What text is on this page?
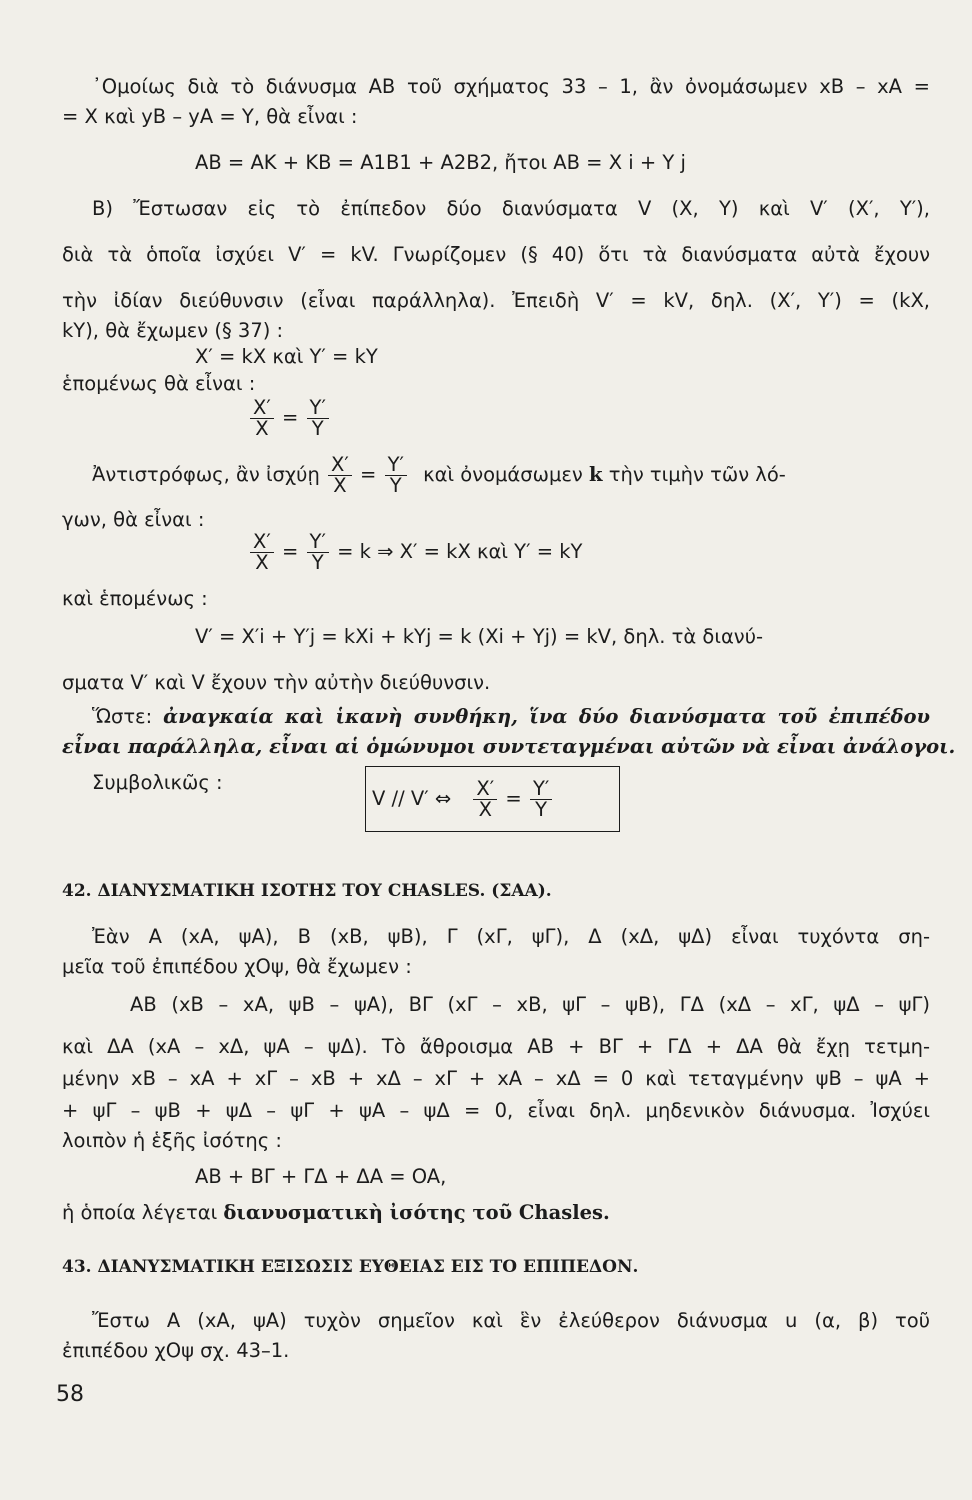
᾿Ομοίως διὰ τὸ διάνυσμα AB τοῦ σχήματος 33 – 1, ἂν ὀνομάσωμεν xB – xA =
= X καὶ yB – yA = Y, θὰ εἶναι :
AB = AK + KB = A1B1 + A2B2, ἤτοι AB = X i + Y j
B) Ἔστωσαν εἰς τὸ ἐπίπεδον δύο διανύσματα V (X, Y) καὶ V′ (X′, Y′),
διὰ τὰ ὁποῖα ἰσχύει V′ = kV. Γνωρίζομεν (§ 40) ὅτι τὰ διανύσματα αὐτὰ ἔχουν
τὴν ἰδίαν διεύθυνσιν (εἶναι παράλληλα). Ἐπειδὴ V′ = kV, δηλ. (X′, Y′) = (kX,
kY), θὰ ἔχωμεν (§ 37) :
X′ = kX καὶ Y′ = kY
ἑπομένως θὰ εἶναι :
$\frac{X'}{X} = \frac{Y'}{Y}$
Ἀντιστρόφως, ἂν ἰσχύῃ $\frac{X'}{X} = \frac{Y'}{Y}$ καὶ ὀνομάσωμεν k τὴν τιμὴν τῶν λό-
γων, θὰ εἶναι :
$\frac{X'}{X} = \frac{Y'}{Y} = k$ ⇒ X′ = kX καὶ Y′ = kY
καὶ ἑπομένως :
V′ = X′i + Y′j = kXi + kYj = k (Xi + Yj) = kV, δηλ. τὰ διανύ-
σματα V′ καὶ V ἔχουν τὴν αὐτὴν διεύθυνσιν.
Ὥστε: ἀναγκαία καὶ ἱκανὴ συνθήκη, ἵνα δύο διανύσματα τοῦ ἐπιπέδου
εἶναι παράλληλα, εἶναι αἱ ὁμώνυμοι συντεταγμέναι αὐτῶν νὰ εἶναι ἀνάλογοι.
Συμβολικῶς :
V // V′ ⇔ $\frac{X'}{X} = \frac{Y'}{Y}$
42. ΔΙΑΝΥΣΜΑΤΙΚΗ ΙΣΟΤΗΣ ΤΟΥ CHASLES. (ΣΑΑ).
Ἐὰν A (xA, ψA), B (xB, ψB), Γ (xΓ, ψΓ), Δ (xΔ, ψΔ) εἶναι τυχόντα ση-
μεῖα τοῦ ἐπιπέδου χΟψ, θὰ ἔχωμεν :
AB (xB – xA, ψB – ψA), BΓ (xΓ – xB, ψΓ – ψB), ΓΔ (xΔ – xΓ, ψΔ – ψΓ)
καὶ ΔA (xA – xΔ, ψA – ψΔ). Τὸ ἄθροισμα AB + BΓ + ΓΔ + ΔA θὰ ἔχῃ τετμη-
μένην xB – xA + xΓ – xB + xΔ – xΓ + xA – xΔ = 0 καὶ τεταγμένην ψB – ψA +
+ ψΓ – ψB + ψΔ – ψΓ + ψA – ψΔ = 0, εἶναι δηλ. μηδενικὸν διάνυσμα. Ἰσχύει
λοιπὸν ἡ ἑξῆς ἰσότης :
AB + BΓ + ΓΔ + ΔA = OA,
ἡ ὁποία λέγεται διανυσματικὴ ἰσότης τοῦ Chasles.
43. ΔΙΑΝΥΣΜΑΤΙΚΗ ΕΞΙΣΩΣΙΣ ΕΥΘΕΙΑΣ ΕΙΣ ΤΟ ΕΠΙΠΕΔΟΝ.
Ἔστω A (xA, ψA) τυχὸν σημεῖον καὶ ἓν ἐλεύθερον διάνυσμα u (α, β) τοῦ
ἐπιπέδου χΟψ σχ. 43–1.
58
